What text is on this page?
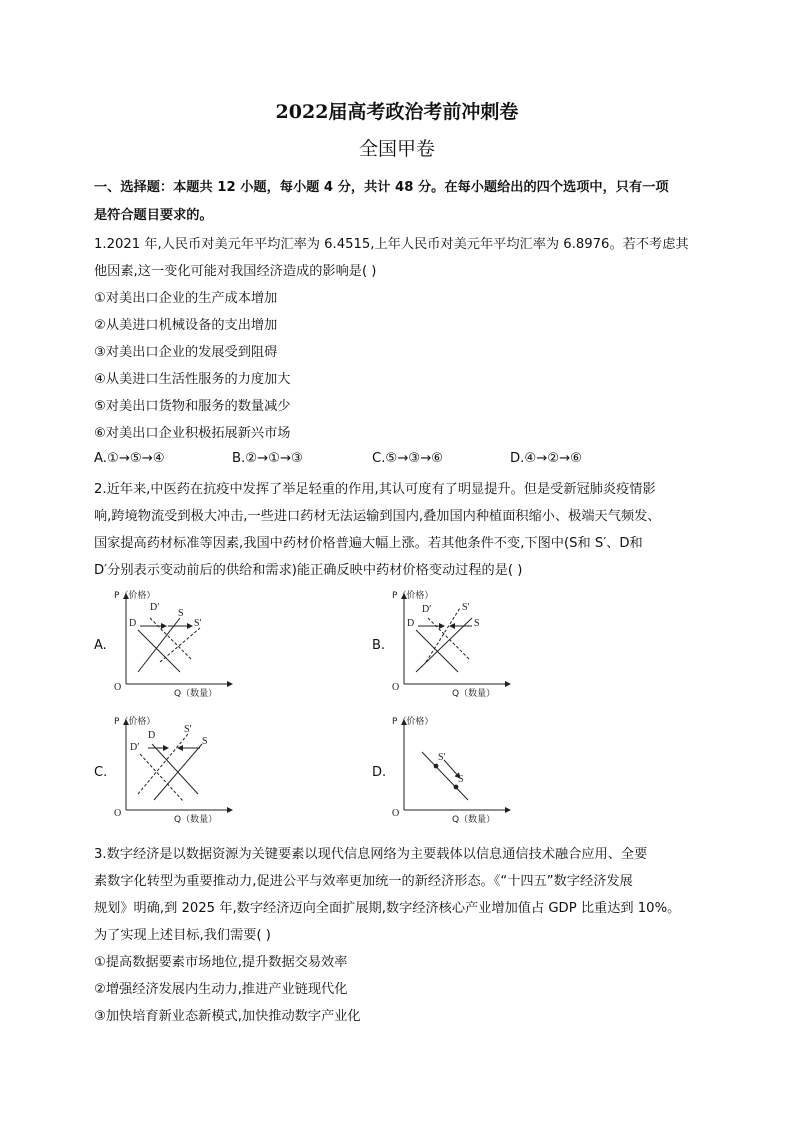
2022届高考政治考前冲刺卷
全国甲卷
一、选择题：本题共 12 小题，每小题 4 分，共计 48 分。在每小题给出的四个选项中，只有一项
是符合题目要求的。
1.2021 年,人民币对美元年平均汇率为 6.4515,上年人民币对美元年平均汇率为 6.8976。若不考虑其
他因素,这一变化可能对我国经济造成的影响是( )
①对美出口企业的生产成本增加
②从美进口机械设备的支出增加
③对美出口企业的发展受到阻碍
④从美进口生活性服务的力度加大
⑤对美出口货物和服务的数量减少
⑥对美出口企业积极拓展新兴市场
A.①→⑤→④	B.②→①→③	C.⑤→③→⑥	D.④→②→⑥
2.近年来,中医药在抗疫中发挥了举足轻重的作用,其认可度有了明显提升。但是受新冠肺炎疫情影
响,跨境物流受到极大冲击,一些进口药材无法运输到国内,叠加国内种植面积缩小、极端天气频发、
国家提高药材标准等因素,我国中药材价格普遍大幅上涨。若其他条件不变,下图中(S和 S′、D和
D′分别表示变动前后的供给和需求)能正确反映中药材价格变动过程的是( )
A.	B.
C.	D.
P（价格）
Q（数量）
O
D
D′
S
S′
P（价格）
Q（数量）
O
D
D′
S
S′
P（价格）
Q（数量）
O
D
D′
S
S′
P（价格）
Q（数量）
O
S′
S
3.数字经济是以数据资源为关键要素以现代信息网络为主要载体以信息通信技术融合应用、全要
素数字化转型为重要推动力,促进公平与效率更加统一的新经济形态。《“十四五”数字经济发展
规划》明确,到 2025 年,数字经济迈向全面扩展期,数字经济核心产业增加值占 GDP 比重达到 10%。
为了实现上述目标,我们需要( )
①提高数据要素市场地位,提升数据交易效率
②增强经济发展内生动力,推进产业链现代化
③加快培育新业态新模式,加快推动数字产业化
